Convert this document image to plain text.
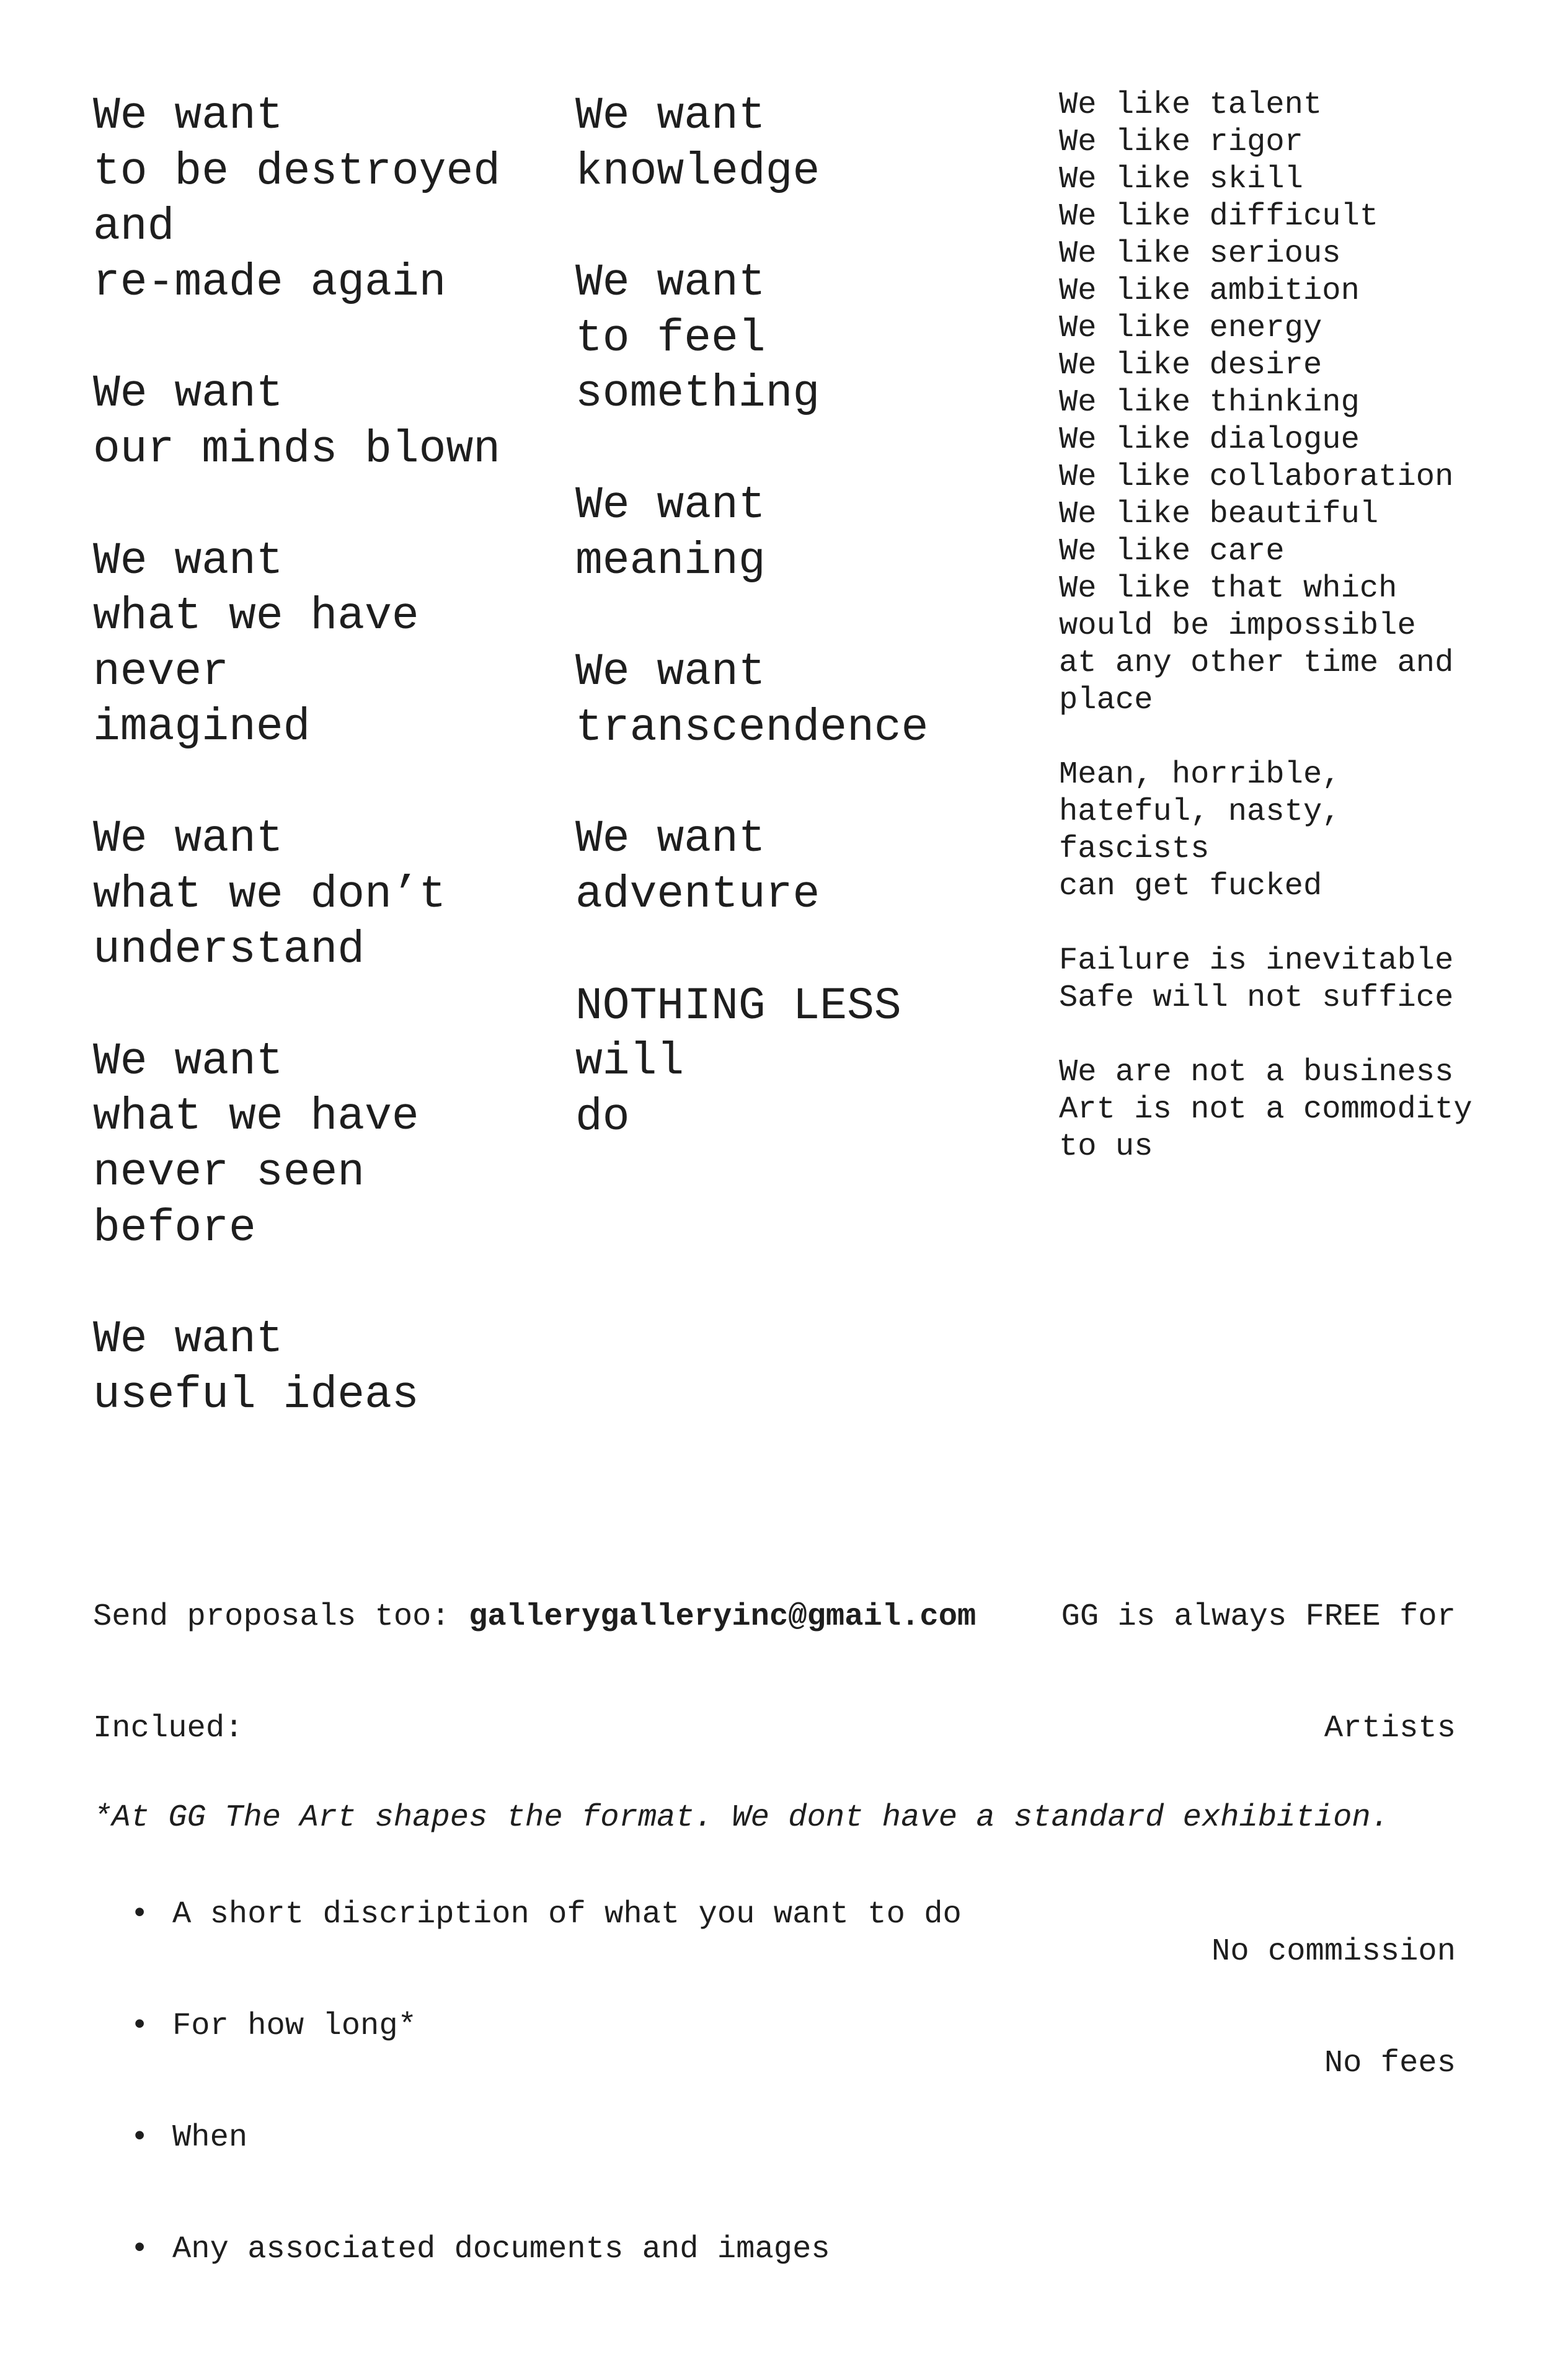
We want
to be destroyed
and
re-made again
We want
our minds blown
We want
what we have
never
imagined
We want
what we don’t
understand
We want
what we have
never seen
before
We want
useful ideas
We want
knowledge
We want
to feel
something
We want
meaning
We want
transcendence
We want
adventure
NOTHING LESS
will
do
We like talent
We like rigor
We like skill
We like difficult
We like serious
We like ambition
We like energy
We like desire
We like thinking
We like dialogue
We like collaboration
We like beautiful
We like care
We like that which
would be impossible
at any other time and
place
Mean, horrible,
hateful, nasty,
fascists
can get fucked
Failure is inevitable
Safe will not suffice
We are not a business
Art is not a commodity
to us

Send proposals too: gallerygalleryinc@gmail.com

Inclued:

• A short discription of what you want to do

• For how long*

• When

• Any associated documents and images

GG is always FREE for

Artists

No commission

No fees

*At GG The Art shapes the format. We dont have a standard exhibition.
